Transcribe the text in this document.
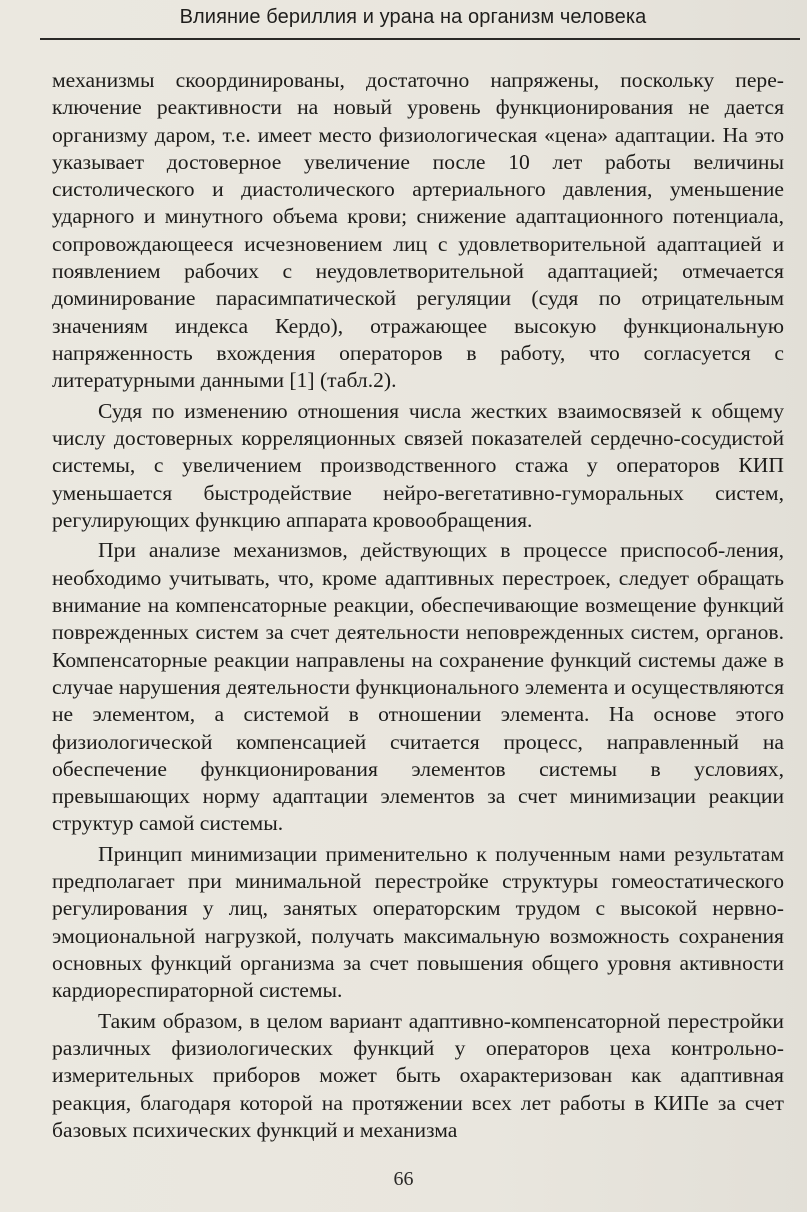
Влияние бериллия и урана на организм человека

механизмы скоординированы, достаточно напряжены, поскольку переключение реактивности на новый уровень функционирования не дается организму даром, т.е. имеет место физиологическая «цена» адаптации. На это указывает достоверное увеличение после 10 лет работы величины систолического и диастолического артериального давления, уменьшение ударного и минутного объема крови; снижение адаптационного потенциала, сопровождающееся исчезновением лиц с удовлетворительной адаптацией и появлением рабочих с неудовлетворительной адаптацией; отмечается доминирование парасимпатической регуляции (судя по отрицательным значениям индекса Кердо), отражающее высокую функциональную напряженность вхождения операторов в работу, что согласуется с литературными данными [1] (табл.2).

Судя по изменению отношения числа жестких взаимосвязей к общему числу достоверных корреляционных связей показателей сердечно-сосудистой системы, с увеличением производственного стажа у операторов КИП уменьшается быстродействие нейро-вегетативно-гуморальных систем, регулирующих функцию аппарата кровообращения.

При анализе механизмов, действующих в процессе приспособ-ления, необходимо учитывать, что, кроме адаптивных перестроек, следует обращать внимание на компенсаторные реакции, обеспечивающие возмещение функций поврежденных систем за счет деятельности неповрежденных систем, органов. Компенсаторные реакции направлены на сохранение функций системы даже в случае нарушения деятельности функционального элемента и осуществляются не элементом, а системой в отношении элемента. На основе этого физиологической компенсацией считается процесс, направленный на обеспечение функционирования элементов системы в условиях, превышающих норму адаптации элементов за счет минимизации реакции структур самой системы.

Принцип минимизации применительно к полученным нами результатам предполагает при минимальной перестройке структуры гомеостатического регулирования у лиц, занятых операторским трудом с высокой нервно-эмоциональной нагрузкой, получать максимальную возможность сохранения основных функций организма за счет повышения общего уровня активности кардиореспираторной системы.

Таким образом, в целом вариант адаптивно-компенсаторной перестройки различных физиологических функций у операторов цеха контрольно-измерительных приборов может быть охарактеризован как адаптивная реакция, благодаря которой на протяжении всех лет работы в КИПе за счет базовых психических функций и механизма

66
